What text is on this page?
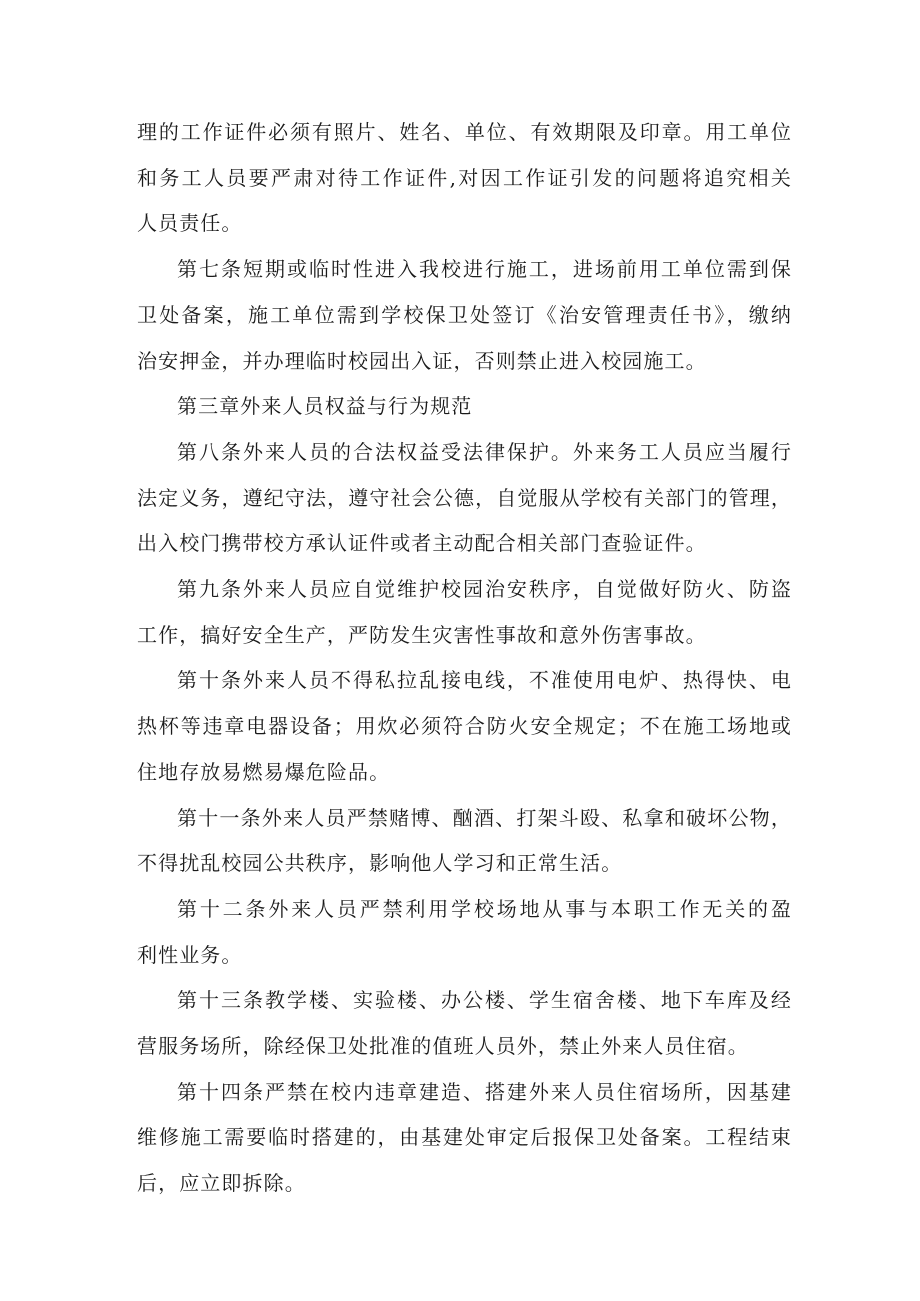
理的工作证件必须有照片、姓名、单位、有效期限及印章。用工单位
和务工人员要严肃对待工作证件,对因工作证引发的问题将追究相关
人员责任。
第七条短期或临时性进入我校进行施工，进场前用工单位需到保
卫处备案，施工单位需到学校保卫处签订《治安管理责任书》，缴纳
治安押金，并办理临时校园出入证，否则禁止进入校园施工。
第三章外来人员权益与行为规范
第八条外来人员的合法权益受法律保护。外来务工人员应当履行
法定义务，遵纪守法，遵守社会公德，自觉服从学校有关部门的管理，
出入校门携带校方承认证件或者主动配合相关部门查验证件。
第九条外来人员应自觉维护校园治安秩序，自觉做好防火、防盗
工作，搞好安全生产，严防发生灾害性事故和意外伤害事故。
第十条外来人员不得私拉乱接电线，不准使用电炉、热得快、电
热杯等违章电器设备；用炊必须符合防火安全规定；不在施工场地或
住地存放易燃易爆危险品。
第十一条外来人员严禁赌博、酗酒、打架斗殴、私拿和破坏公物，
不得扰乱校园公共秩序，影响他人学习和正常生活。
第十二条外来人员严禁利用学校场地从事与本职工作无关的盈
利性业务。
第十三条教学楼、实验楼、办公楼、学生宿舍楼、地下车库及经
营服务场所，除经保卫处批准的值班人员外，禁止外来人员住宿。
第十四条严禁在校内违章建造、搭建外来人员住宿场所，因基建
维修施工需要临时搭建的，由基建处审定后报保卫处备案。工程结束
后，应立即拆除。
